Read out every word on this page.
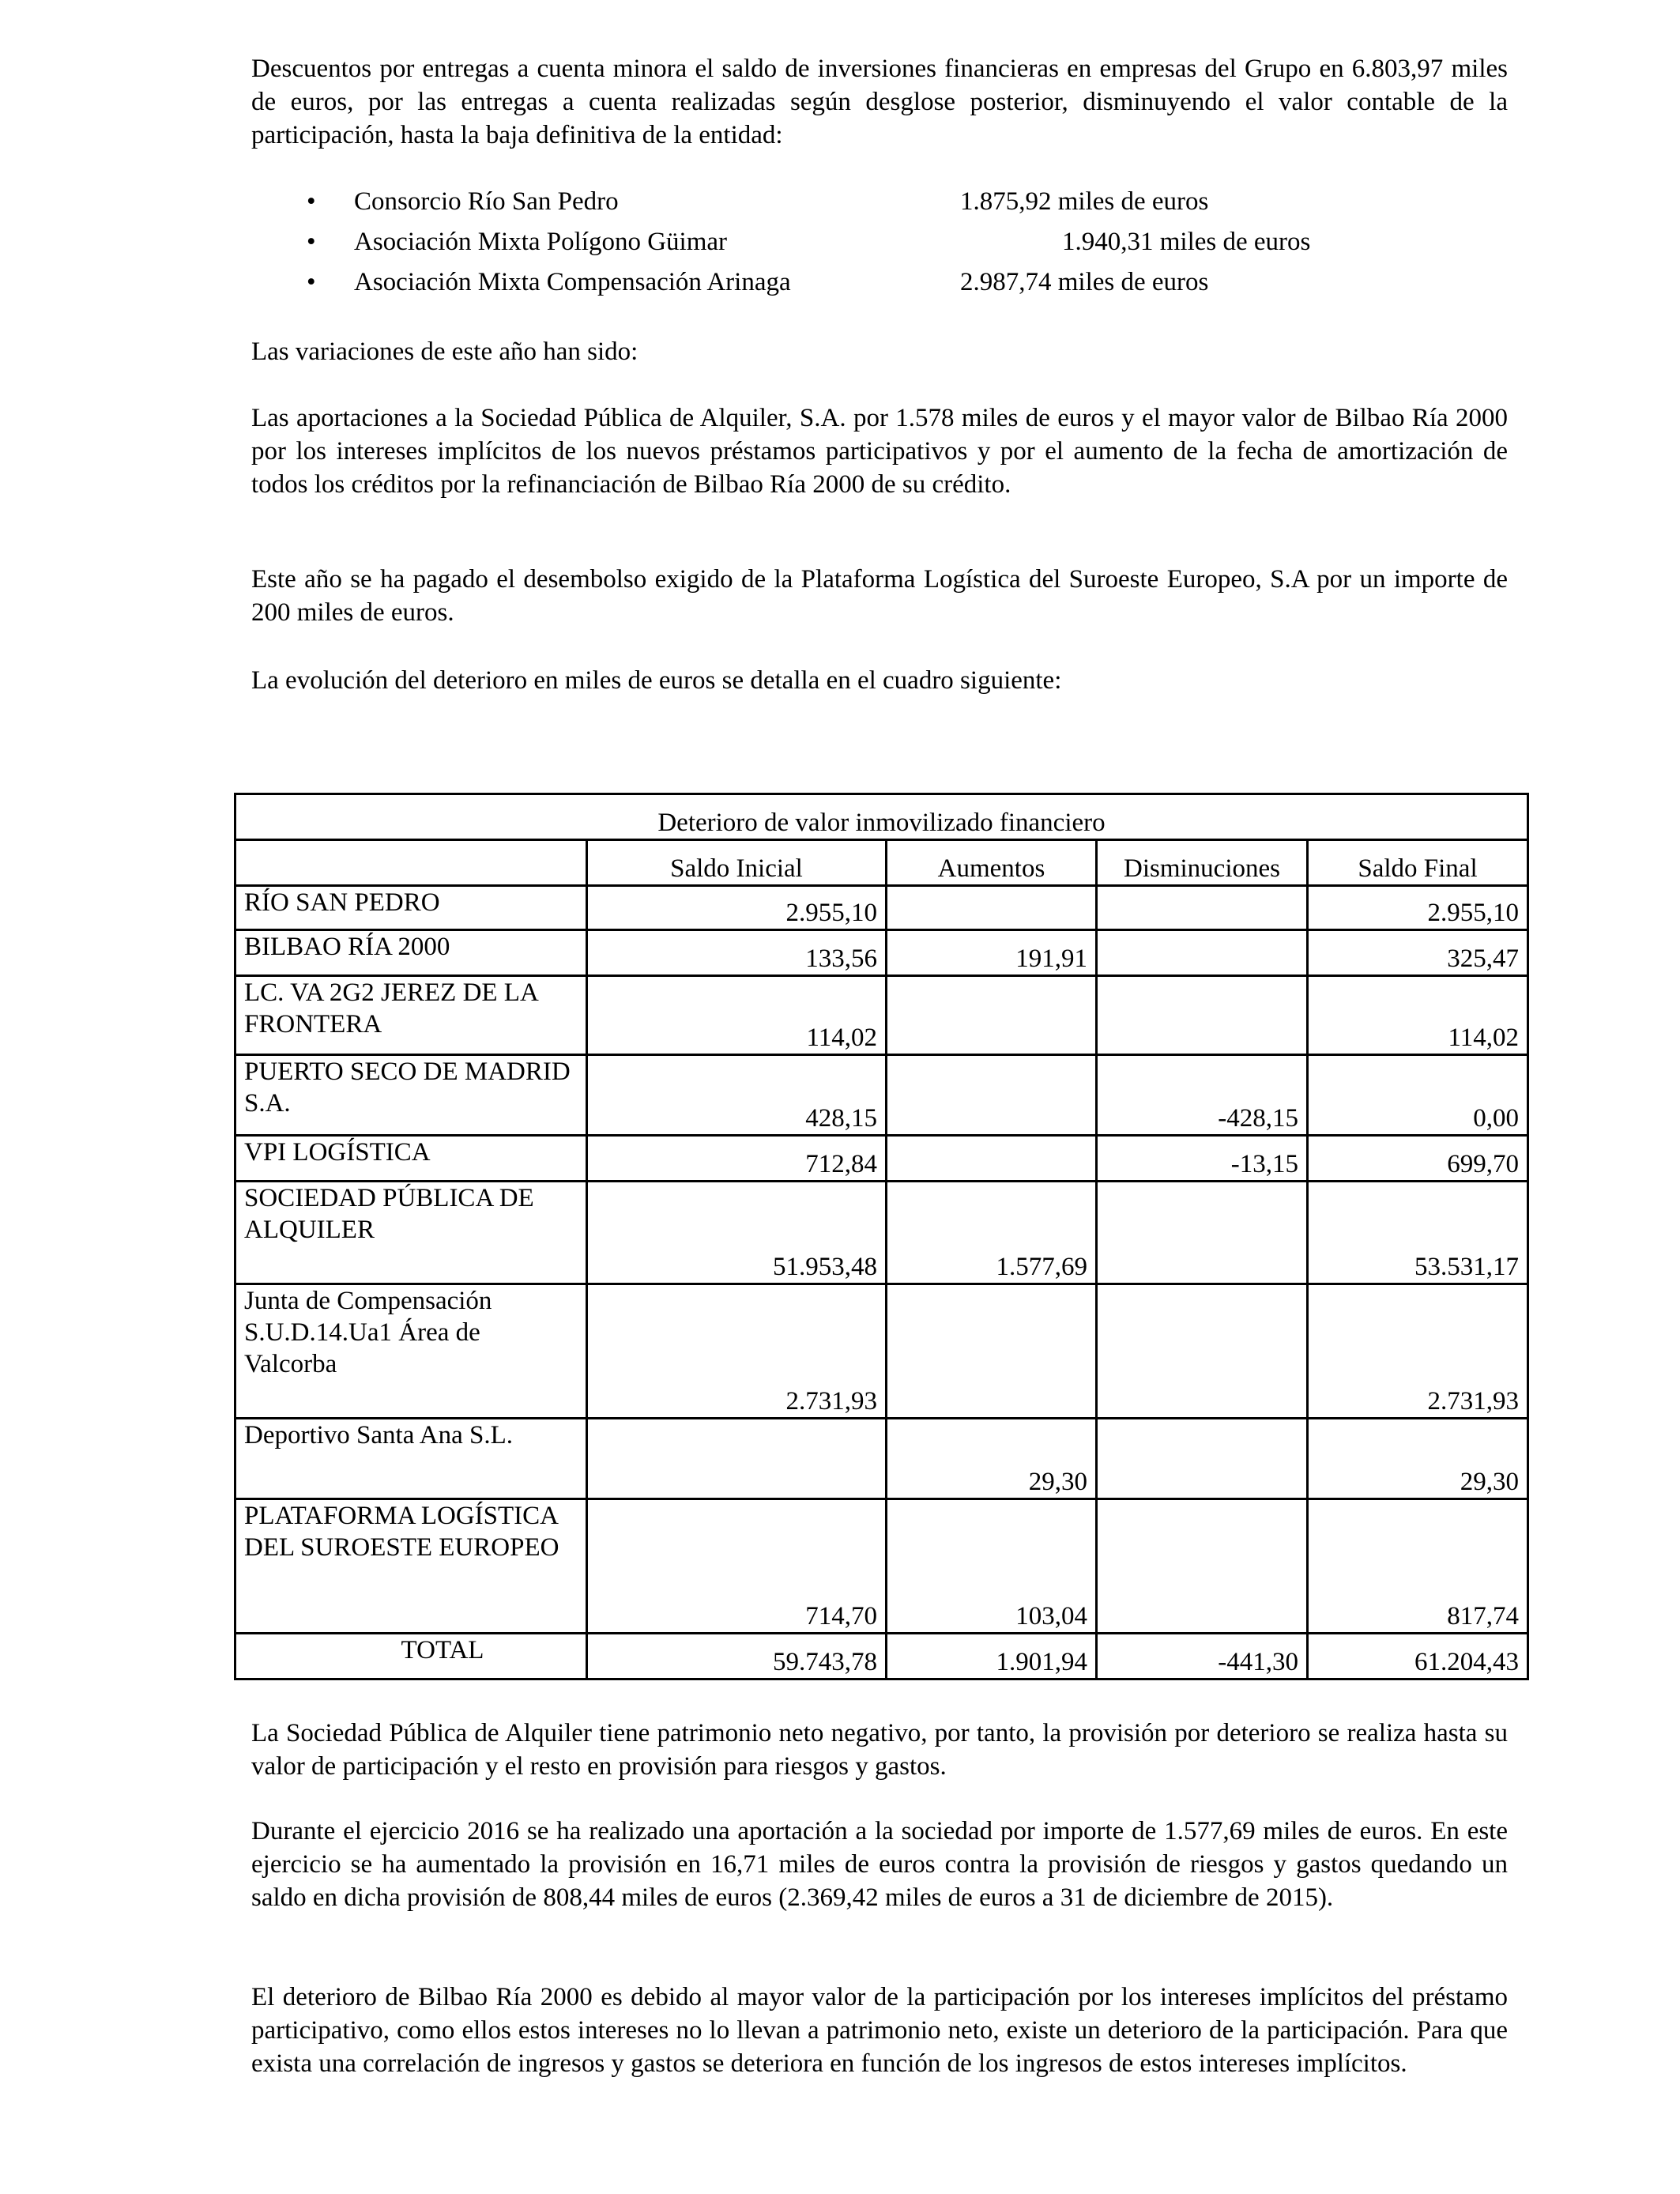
Descuentos por entregas a cuenta minora el saldo de inversiones financieras en empresas del Grupo en 6.803,97 miles de euros, por las entregas a cuenta realizadas según desglose posterior, disminuyendo el valor contable de la participación, hasta la baja definitiva de la entidad:

• Consorcio Río San Pedro	1.875,92 miles de euros
• Asociación Mixta Polígono Güimar	1.940,31 miles de euros
• Asociación Mixta Compensación Arinaga	2.987,74 miles de euros

Las variaciones de este año han sido:

Las aportaciones a la Sociedad Pública de Alquiler, S.A. por 1.578 miles de euros y el mayor valor de Bilbao Ría 2000 por los intereses implícitos de los nuevos préstamos participativos y por el aumento de la fecha de amortización de todos los créditos por la refinanciación de Bilbao Ría 2000 de su crédito.

Este año se ha pagado el desembolso exigido de la Plataforma Logística del Suroeste Europeo, S.A por un importe de 200 miles de euros.

La evolución del deterioro en miles de euros se detalla en el cuadro siguiente:

Deterioro de valor inmovilizado financiero				
	Saldo Inicial	Aumentos	Disminuciones	Saldo Final
RÍO SAN PEDRO	2.955,10			2.955,10
BILBAO RÍA 2000	133,56	191,91		325,47
LC. VA 2G2 JEREZ DE LA FRONTERA	114,02			114,02
PUERTO SECO DE MADRID S.A.	428,15		-428,15	0,00
VPI LOGÍSTICA	712,84		-13,15	699,70
SOCIEDAD PÚBLICA DE ALQUILER	51.953,48	1.577,69		53.531,17
Junta de Compensación S.U.D.14.Ua1 Área de Valcorba	2.731,93			2.731,93
Deportivo Santa Ana S.L.		29,30		29,30
PLATAFORMA LOGÍSTICA DEL SUROESTE EUROPEO	714,70	103,04		817,74
TOTAL	59.743,78	1.901,94	-441,30	61.204,43

La Sociedad Pública de Alquiler tiene patrimonio neto negativo, por tanto, la provisión por deterioro se realiza hasta su valor de participación y el resto en provisión para riesgos y gastos.

Durante el ejercicio 2016 se ha realizado una aportación a la sociedad por importe de 1.577,69 miles de euros. En este ejercicio se ha aumentado la provisión en 16,71 miles de euros contra la provisión de riesgos y gastos quedando un saldo en dicha provisión de 808,44 miles de euros (2.369,42 miles de euros a 31 de diciembre de 2015).

El deterioro de Bilbao Ría 2000 es debido al mayor valor de la participación por los intereses implícitos del préstamo participativo, como ellos estos intereses no lo llevan a patrimonio neto, existe un deterioro de la participación. Para que exista una correlación de ingresos y gastos se deteriora en función de los ingresos de estos intereses implícitos.
